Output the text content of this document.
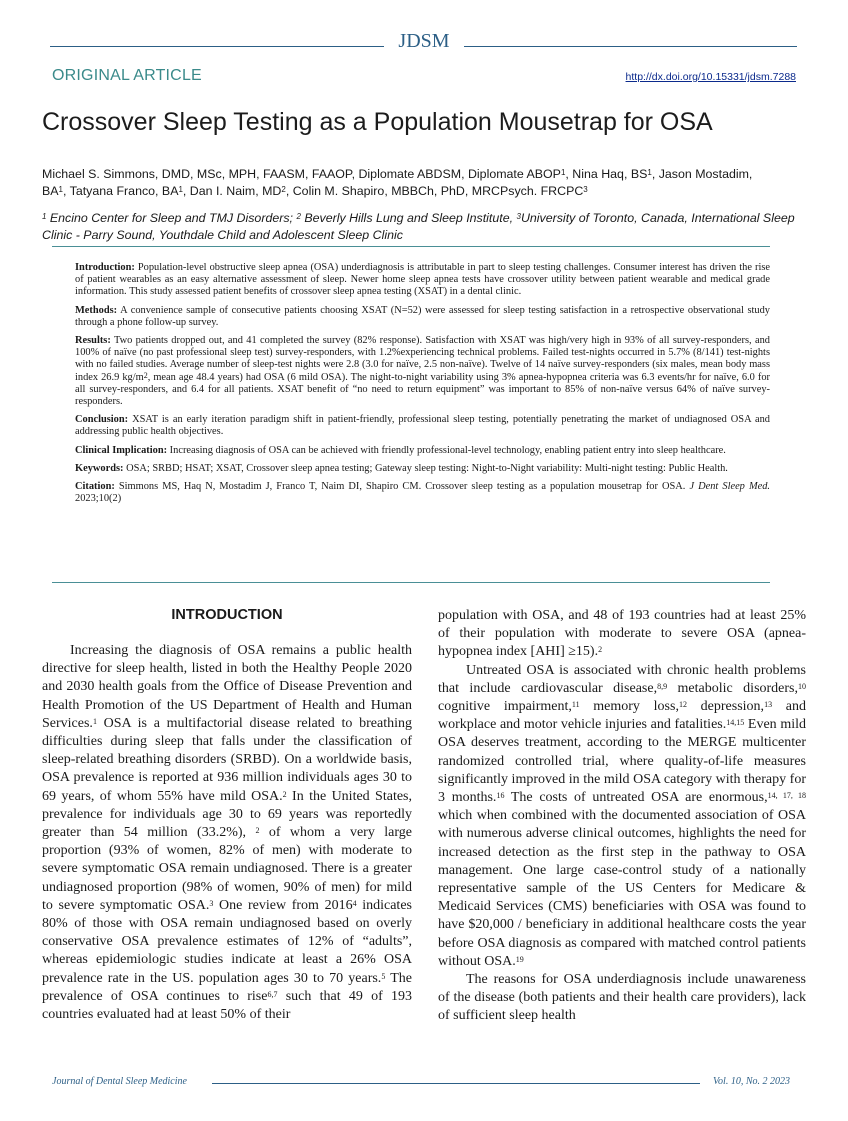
JDSM
ORIGINAL ARTICLE	http://dx.doi.org/10.15331/jdsm.7288
Crossover Sleep Testing as a Population Mousetrap for OSA
Michael S. Simmons, DMD, MSc, MPH, FAASM, FAAOP, Diplomate ABDSM, Diplomate ABOP$^1$, Nina Haq, $BS^1$, Jason Mostadim,
$BA^1$, Tatyana Franco, $BA^1$, Dan I. Naim, $MD^2$, Colin M. Shapiro, MBBCh, PhD, MRCPsych. FRCPC$^3$
$^1$ Encino Center for Sleep and TMJ Disorders; $^2$ Beverly Hills Lung and Sleep Institute, $^3$University of Toronto, Canada, International Sleep Clinic - Parry Sound, Youthdale Child and Adolescent Sleep Clinic

Introduction: Population-level obstructive sleep apnea (OSA) underdiagnosis is attributable in part to sleep testing challenges. Consumer interest has driven the rise of patient wearables as an easy alternative assessment of sleep. Newer home sleep apnea tests have crossover utility between patient wearable and medical grade information. This study assessed patient benefits of crossover sleep apnea testing (XSAT) in a dental clinic.

Methods: A convenience sample of consecutive patients choosing XSAT (N=52) were assessed for sleep testing satisfaction in a retrospective observational study through a phone follow-up survey.

Results: Two patients dropped out, and 41 completed the survey (82% response). Satisfaction with XSAT was high/very high in 93% of all survey-responders, and 100% of naïve (no past professional sleep test) survey-responders, with 1.2%experiencing technical problems. Failed test-nights occurred in 5.7% (8/141) test-nights with no failed studies. Average number of sleep-test nights were 2.8 (3.0 for naïve, 2.5 non-naïve). Twelve of 14 naïve survey-responders (six males, mean body mass index 26.9 $kg/m^2$, mean age 48.4 years) had OSA (6 mild OSA). The night-to-night variability using 3% apnea-hypopnea criteria was 6.3 events/hr for naïve, 6.0 for all survey-responders, and 6.4 for all patients. XSAT benefit of “no need to return equipment” was important to 85% of non-naïve versus 64% of naïve survey-responders.

Conclusion: XSAT is an early iteration paradigm shift in patient-friendly, professional sleep testing, potentially penetrating the market of undiagnosed OSA and addressing public health objectives.

Clinical Implication: Increasing diagnosis of OSA can be achieved with friendly professional-level technology, enabling patient entry into sleep healthcare.

Keywords: OSA; SRBD; HSAT; XSAT, Crossover sleep apnea testing; Gateway sleep testing: Night-to-Night variability: Multi-night testing: Public Health.

Citation: Simmons MS, Haq N, Mostadim J, Franco T, Naim DI, Shapiro CM. Crossover sleep testing as a population mousetrap for OSA. J Dent Sleep Med. 2023;10(2)

INTRODUCTION

Increasing the diagnosis of OSA remains a public health directive for sleep health, listed in both the Healthy People 2020 and 2030 health goals from the Office of Disease Prevention and Health Promotion of the US Department of Health and Human Services.$^1$ OSA is a multifactorial disease related to breathing difficulties during sleep that falls under the classification of sleep-related breathing disorders (SRBD). On a worldwide basis, OSA prevalence is reported at 936 million individuals ages 30 to 69 years, of whom 55% have mild OSA.$^2$ In the United States, prevalence for individuals age 30 to 69 years was reportedly greater than 54 million (33.2%), $^2$ of whom a very large proportion (93% of women, 82% of men) with moderate to severe symptomatic OSA remain undiagnosed. There is a greater undiagnosed proportion (98% of women, 90% of men) for mild to severe symptomatic OSA.$^3$ One review from 2016$^4$ indicates 80% of those with OSA remain undiagnosed based on overly conservative OSA prevalence estimates of 12% of “adults”, whereas epidemiologic studies indicate at least a 26% OSA prevalence rate in the US. population ages 30 to 70 years.$^5$ The prevalence of OSA continues to rise$^{6,7}$ such that 49 of 193 countries evaluated had at least 50% of their

population with OSA, and 48 of 193 countries had at least 25% of their population with moderate to severe OSA (apnea-hypopnea index [AHI] ≥15).$^2$

Untreated OSA is associated with chronic health problems that include cardiovascular disease,$^{8,9}$ metabolic disorders,$^{10}$ cognitive impairment,$^{11}$ memory loss,$^{12}$ depression,$^{13}$ and workplace and motor vehicle injuries and fatalities.$^{14,15}$ Even mild OSA deserves treatment, according to the MERGE multicenter randomized controlled trial, where quality-of-life measures significantly improved in the mild OSA category with therapy for 3 months.$^{16}$ The costs of untreated OSA are enormous,$^{14, 17, 18}$ which when combined with the documented association of OSA with numerous adverse clinical outcomes, highlights the need for increased detection as the first step in the pathway to OSA management. One large case-control study of a nationally representative sample of the US Centers for Medicare & Medicaid Services (CMS) beneficiaries with OSA was found to have $20,000 / beneficiary in additional healthcare costs the year before OSA diagnosis as compared with matched control patients without OSA.$^{19}$

The reasons for OSA underdiagnosis include unawareness of the disease (both patients and their health care providers), lack of sufficient sleep health

Journal of Dental Sleep Medicine	Vol. 10, No. 2 2023
